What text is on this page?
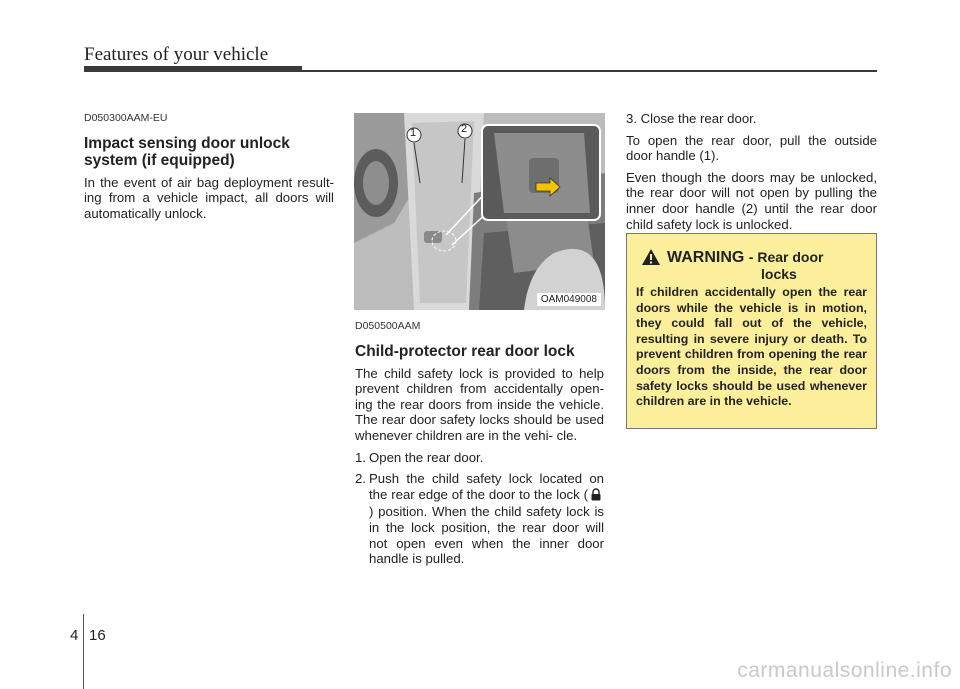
Features of your vehicle
D050300AAM-EU
Impact sensing door unlock system (if equipped)

In the event of air bag deployment result- ing from a vehicle impact, all doors will automatically unlock.

1	2
OAM049008
D050500AAM
Child-protector rear door lock

The child safety lock is provided to help prevent children from accidentally open- ing the rear doors from inside the vehicle. The rear door safety locks should be used whenever children are in the vehi- cle.

1. Open the rear door.
2. Push the child safety lock located on the rear edge of the door to the lock () position. When the child safety lock is in the lock position, the rear door will not open even when the inner door handle is pulled.

3. Close the rear door.

To open the rear door, pull the outside door handle (1).

Even though the doors may be unlocked, the rear door will not open by pulling the inner door handle (2) until the rear door child safety lock is unlocked.

WARNING - Rear door
locks
If children accidentally open the rear doors while the vehicle is in motion, they could fall out of the vehicle, resulting in severe injury or death. To prevent children from opening the rear doors from the inside, the rear door safety locks should be used whenever children are in the vehicle.
4 16
carmanualsonline.info
